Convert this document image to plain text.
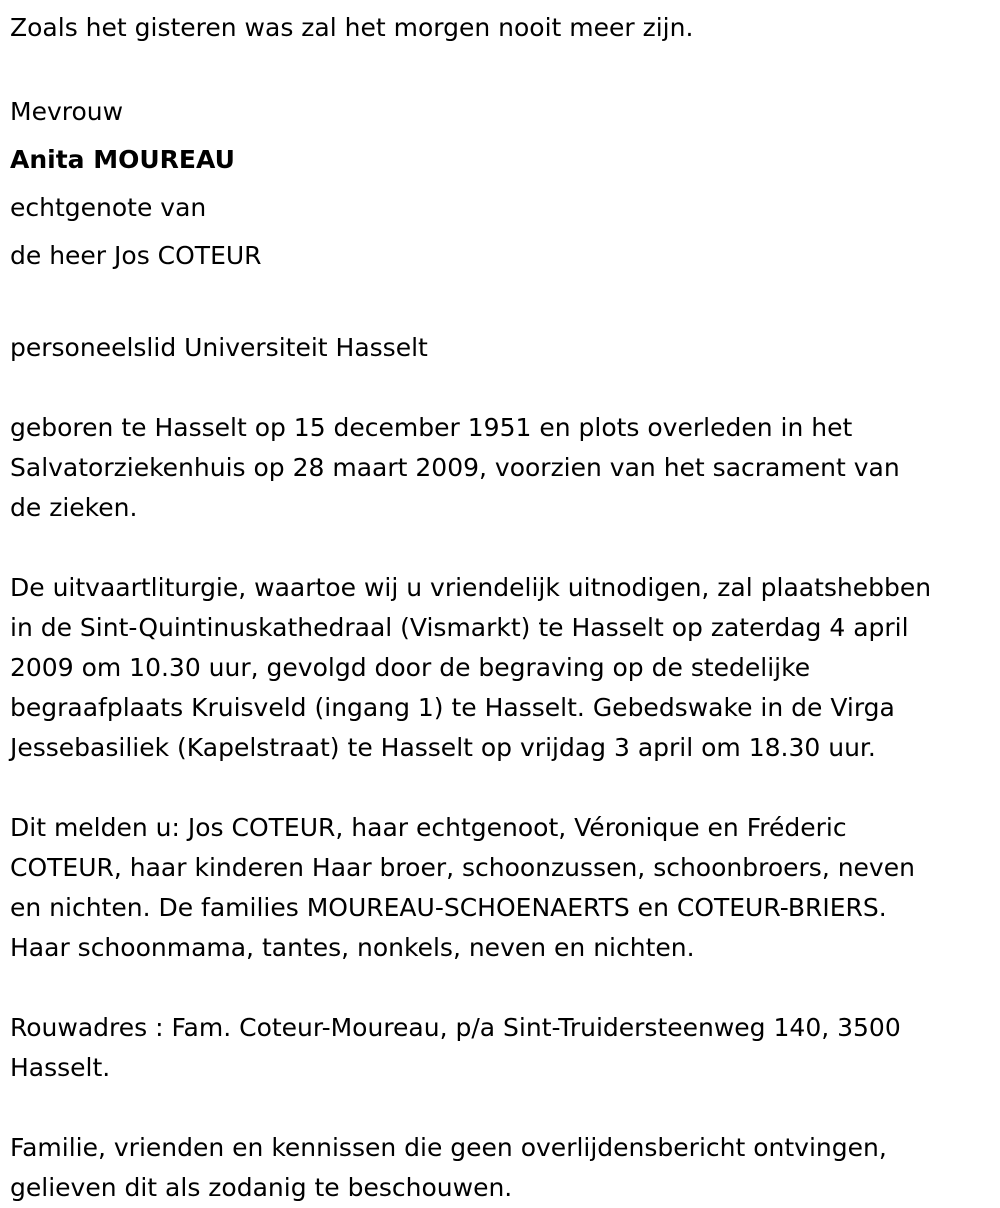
Zoals het gisteren was zal het morgen nooit meer zijn.

Mevrouw

Anita MOUREAU

echtgenote van

de heer Jos COTEUR

personeelslid Universiteit Hasselt

geboren te Hasselt op 15 december 1951 en plots overleden in het
Salvatorziekenhuis op 28 maart 2009, voorzien van het sacrament van
de zieken.

De uitvaartliturgie, waartoe wij u vriendelijk uitnodigen, zal plaatshebben
in de Sint-Quintinuskathedraal (Vismarkt) te Hasselt op zaterdag 4 april
2009 om 10.30 uur, gevolgd door de begraving op de stedelijke
begraafplaats Kruisveld (ingang 1) te Hasselt. Gebedswake in de Virga
Jessebasiliek (Kapelstraat) te Hasselt op vrijdag 3 april om 18.30 uur.

Dit melden u: Jos COTEUR, haar echtgenoot, Véronique en Fréderic
COTEUR, haar kinderen Haar broer, schoonzussen, schoonbroers, neven
en nichten. De families MOUREAU-SCHOENAERTS en COTEUR-BRIERS.
Haar schoonmama, tantes, nonkels, neven en nichten.

Rouwadres : Fam. Coteur-Moureau, p/a Sint-Truidersteenweg 140, 3500
Hasselt.

Familie, vrienden en kennissen die geen overlijdensbericht ontvingen,
gelieven dit als zodanig te beschouwen.
